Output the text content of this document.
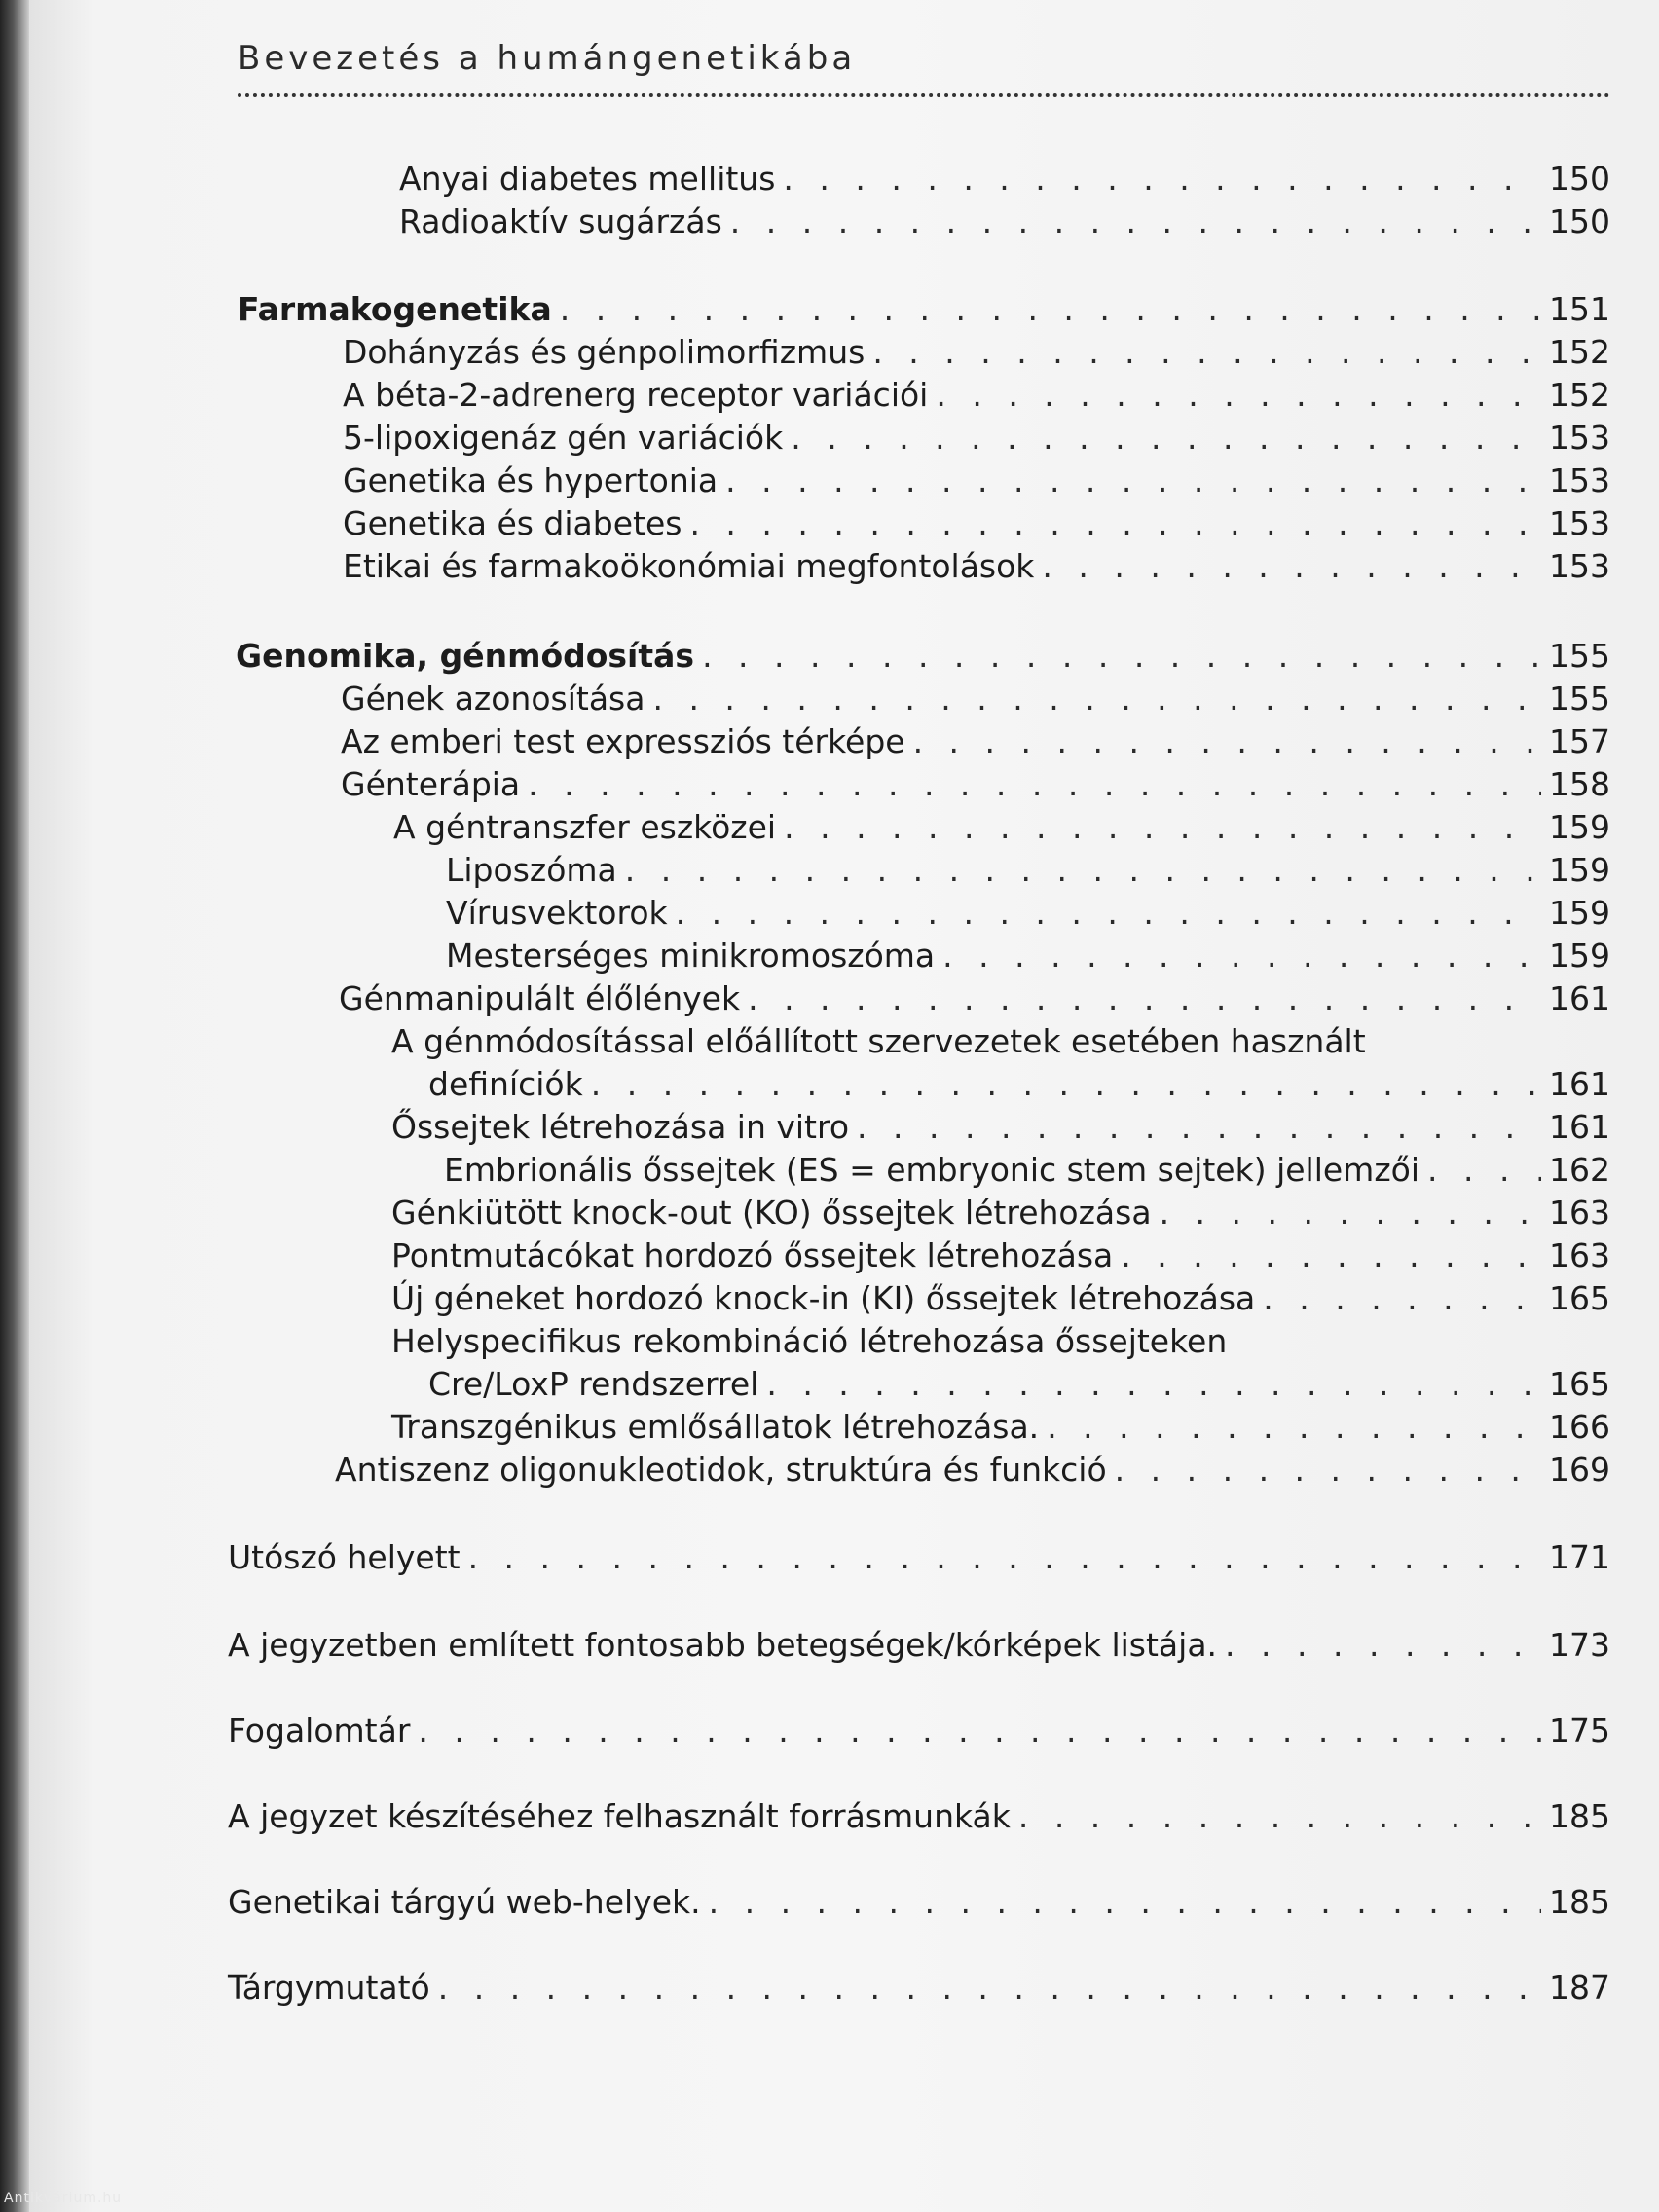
Bevezetés a humángenetikába
Anyai diabetes mellitus . . .	150
Radioaktív sugárzás . . .	150
Farmakogenetika . . .	151
Dohányzás és génpolimorfizmus . . .	152
A béta-2-adrenerg receptor variációi . . .	152
5-lipoxigenáz gén variációk . . .	153
Genetika és hypertonia . . .	153
Genetika és diabetes . . .	153
Etikai és farmakoökonómiai megfontolások . . .	153
Genomika, génmódosítás . . .	155
Gének azonosítása . . .	155
Az emberi test expressziós térképe . . .	157
Génterápia . . .	158
A géntranszfer eszközei . . .	159
Liposzóma . . .	159
Vírusvektorok . . .	159
Mesterséges minikromoszóma . . .	159
Génmanipulált élőlények . . .	161
A génmódosítással előállított szervezetek esetében használt
definíciók . . .	161
Őssejtek létrehozása in vitro . . .	161
Embrionális őssejtek (ES = embryonic stem sejtek) jellemzői . . .	162
Génkiütött knock-out (KO) őssejtek létrehozása . . .	163
Pontmutácókat hordozó őssejtek létrehozása . . .	163
Új géneket hordozó knock-in (KI) őssejtek létrehozása . . .	165
Helyspecifikus rekombináció létrehozása őssejteken
Cre/LoxP rendszerrel . . .	165
Transzgénikus emlősállatok létrehozása. . . .	166
Antiszenz oligonukleotidok, struktúra és funkció . . .	169
Utószó helyett . . .	171
A jegyzetben említett fontosabb betegségek/kórképek listája. . . .	173
Fogalomtár . . .	175
A jegyzet készítéséhez felhasznált forrásmunkák . . .	185
Genetikai tárgyú web-helyek. . . .	185
Tárgymutató . . .	187
Antikvárium.hu
